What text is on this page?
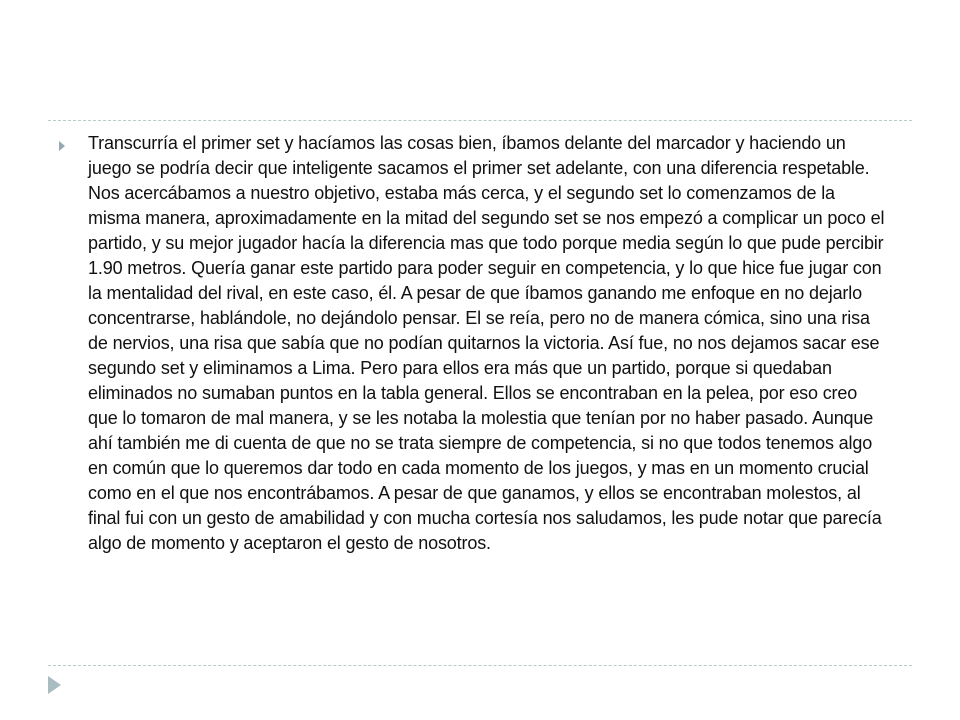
Transcurría el primer set y hacíamos las cosas bien, íbamos delante del marcador y haciendo un juego se podría decir que inteligente sacamos el primer set adelante, con una diferencia respetable. Nos acercábamos a nuestro objetivo, estaba más cerca, y el segundo set lo comenzamos de la misma manera, aproximadamente en la mitad del segundo set se nos empezó a complicar un poco el partido, y su mejor jugador hacía la diferencia mas que todo porque media según lo que pude percibir 1.90 metros. Quería ganar este partido para poder seguir en competencia, y lo que hice fue jugar con la mentalidad del rival, en este caso, él. A pesar de que íbamos ganando me enfoque en no dejarlo concentrarse, hablándole, no dejándolo pensar. El se reía, pero no de manera cómica, sino una risa de nervios, una risa que sabía que no podían quitarnos la victoria. Así fue, no nos dejamos sacar ese segundo set y eliminamos a Lima. Pero para ellos era más que un partido, porque si quedaban eliminados no sumaban puntos en la tabla general. Ellos se encontraban en la pelea, por eso creo que lo tomaron de mal manera, y se les notaba la molestia que tenían por no haber pasado. Aunque ahí también me di cuenta de que no se trata siempre de competencia, si no que todos tenemos algo en común que lo queremos dar todo en cada momento de los juegos, y mas en un momento crucial como en el que nos encontrábamos. A pesar de que ganamos, y ellos se encontraban molestos, al final fui con un gesto de amabilidad y con mucha cortesía nos saludamos, les pude notar que parecía algo de momento y aceptaron el gesto de nosotros.
